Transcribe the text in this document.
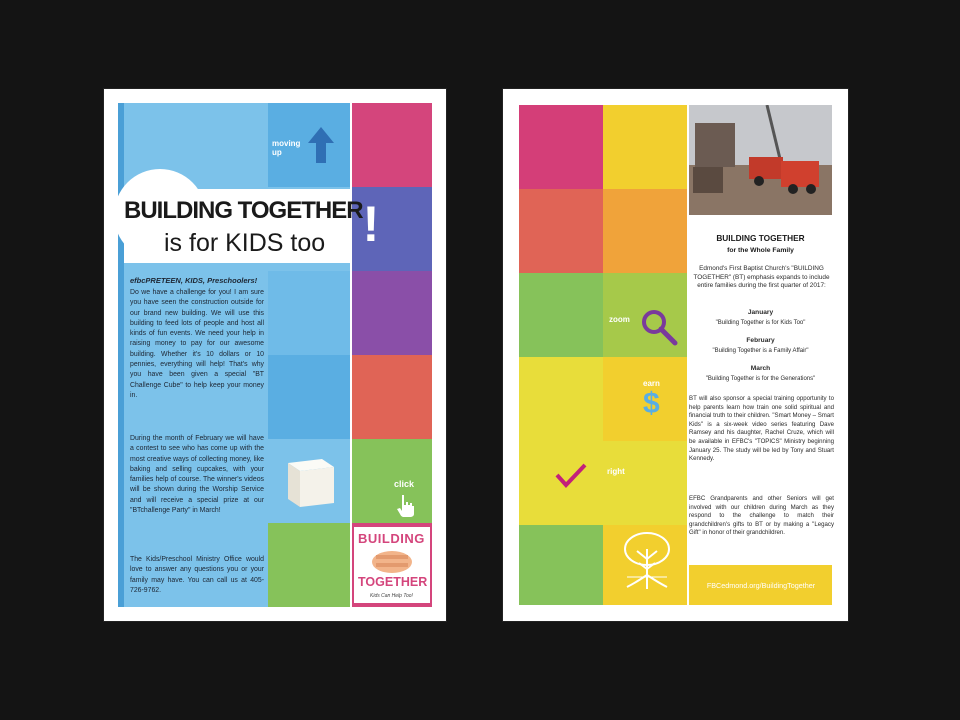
moving
up
BUILDING TOGETHER
is for KIDS too !
efbcPRETEEN, KIDS, Preschoolers!
Do we have a challenge for you! I am sure you have seen the construction outside for our brand new building. We will use this building to feed lots of people and host all kinds of fun events. We need your help in raising money to pay for our awesome building. Whether it's 10 dollars or 10 pennies, everything will help! That's why you have been given a special "BT Challenge Cube" to help keep your money in.
During the month of February we will have a contest to see who has come up with the most creative ways of collecting money, like baking and selling cupcakes, with your families help of course. The winner's videos will be shown during the Worship Service and will receive a special prize at our "BTchallenge Party" in March!
The Kids/Preschool Ministry Office would love to answer any questions you or your family may have. You can call us at 405-726-9762.
click
BUILDING
TOGETHER
Kids Can Help Too!
zoom
earn
$
right
BUILDING TOGETHER
for the Whole Family
Edmond's First Baptist Church's "BUILDING TOGETHER" (BT) emphasis expands to include entire families during the first quarter of 2017:
January
"Building Together is for Kids Too"
February
"Building Together is a Family Affair"
March
"Building Together is for the Generations"
BT will also sponsor a special training opportunity to help parents learn how train one solid spiritual and financial truth to their children. "Smart Money – Smart Kids" is a six-week video series featuring Dave Ramsey and his daughter, Rachel Cruze, which will be available in EFBC's "TOPICS" Ministry beginning January 25. The study will be led by Tony and Stuart Kennedy.
EFBC Grandparents and other Seniors will get involved with our children during March as they respond to the challenge to match their grandchildren's gifts to BT or by making a "Legacy Gift" in honor of their grandchildren.
FBCedmond.org/BuildingTogether
